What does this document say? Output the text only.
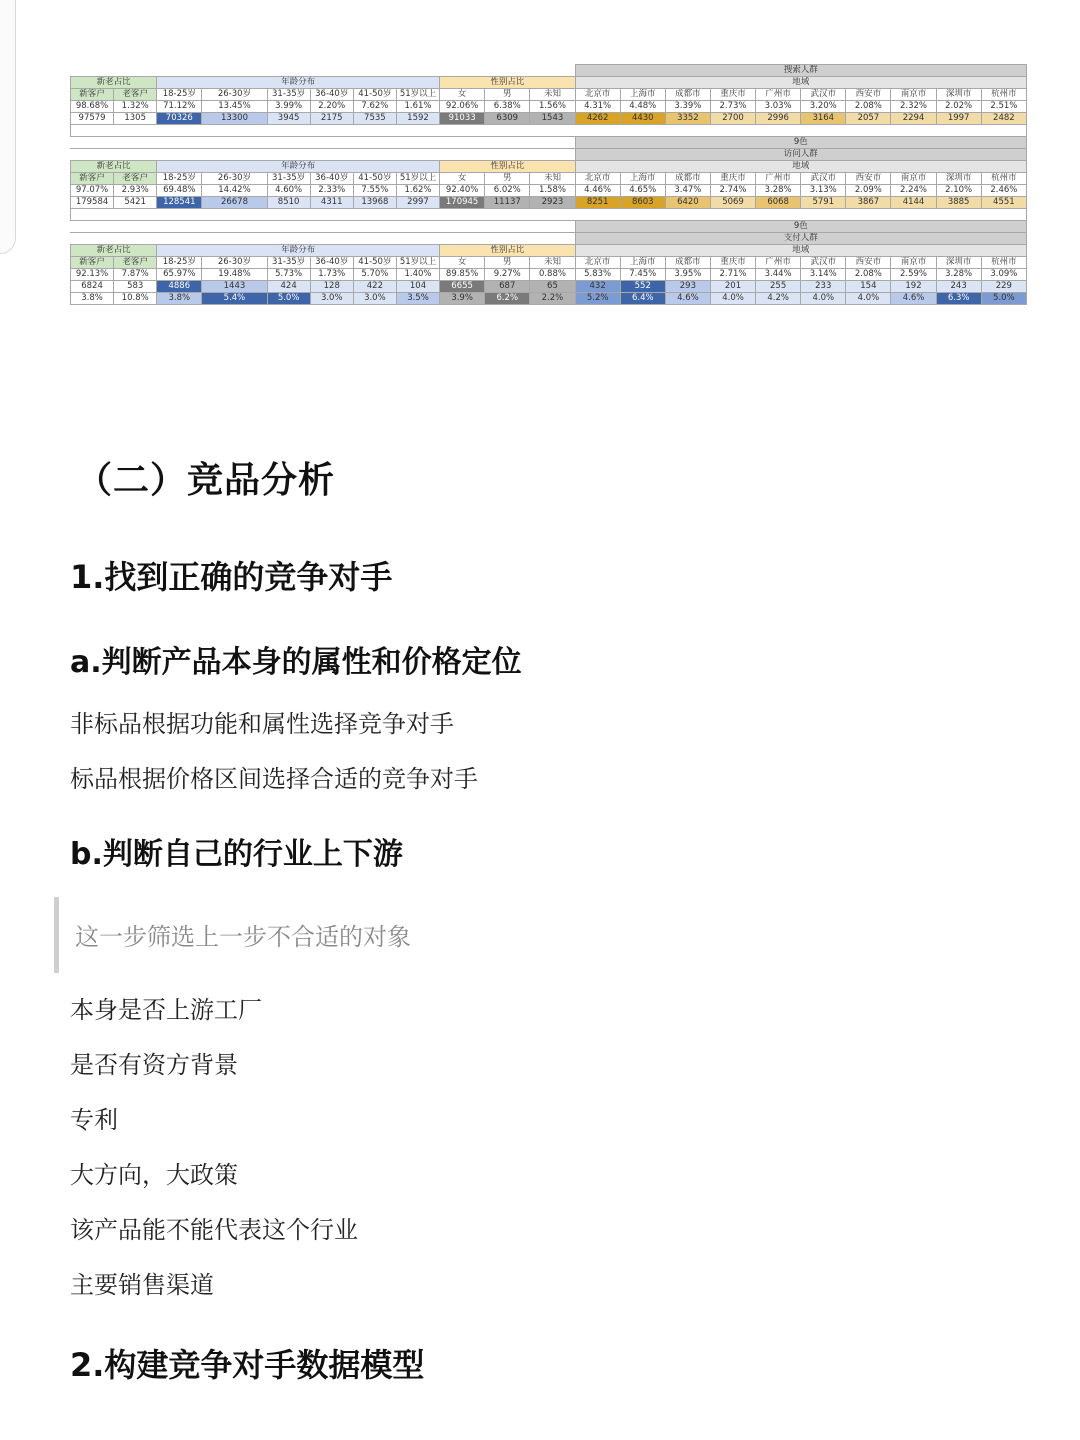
											搜索人群									
新老占比		年龄分布						性别占比			地域									
新客户	老客户	18-25岁	26-30岁	31-35岁	36-40岁	41-50岁	51岁以上	女	男	未知	北京市	上海市	成都市	重庆市	广州市	武汉市	西安市	南京市	深圳市	杭州市
98.68%	1.32%	71.12%	13.45%	3.99%	2.20%	7.62%	1.61%	92.06%	6.38%	1.56%	4.31%	4.48%	3.39%	2.73%	3.03%	3.20%	2.08%	2.32%	2.02%	2.51%
97579	1305	70326	13300	3945	2175	7535	1592	91033	6309	1543	4262	4430	3352	2700	2996	3164	2057	2294	1997	2482

											9色									
											访问人群									
新老占比		年龄分布						性别占比			地域									
新客户	老客户	18-25岁	26-30岁	31-35岁	36-40岁	41-50岁	51岁以上	女	男	未知	北京市	上海市	成都市	重庆市	广州市	武汉市	西安市	南京市	深圳市	杭州市
97.07%	2.93%	69.48%	14.42%	4.60%	2.33%	7.55%	1.62%	92.40%	6.02%	1.58%	4.46%	4.65%	3.47%	2.74%	3.28%	3.13%	2.09%	2.24%	2.10%	2.46%
179584	5421	128541	26678	8510	4311	13968	2997	170945	11137	2923	8251	8603	6420	5069	6068	5791	3867	4144	3885	4551

											9色									
											支付人群									
新老占比		年龄分布						性别占比			地域									
新客户	老客户	18-25岁	26-30岁	31-35岁	36-40岁	41-50岁	51岁以上	女	男	未知	北京市	上海市	成都市	重庆市	广州市	武汉市	西安市	南京市	深圳市	杭州市
92.13%	7.87%	65.97%	19.48%	5.73%	1.73%	5.70%	1.40%	89.85%	9.27%	0.88%	5.83%	7.45%	3.95%	2.71%	3.44%	3.14%	2.08%	2.59%	3.28%	3.09%
6824	583	4886	1443	424	128	422	104	6655	687	65	432	552	293	201	255	233	154	192	243	229
3.8%	10.8%	3.8%	5.4%	5.0%	3.0%	3.0%	3.5%	3.9%	6.2%	2.2%	5.2%	6.4%	4.6%	4.0%	4.2%	4.0%	4.0%	4.6%	6.3%	5.0%
（二）竞品分析
1.找到正确的竞争对手
a.判断产品本身的属性和价格定位

非标品根据功能和属性选择竞争对手

标品根据价格区间选择合适的竞争对手

b.判断自己的行业上下游

这一步筛选上一步不合适的对象

本身是否上游工厂

是否有资方背景

专利

大方向，大政策

该产品能不能代表这个行业

主要销售渠道

2.构建竞争对手数据模型
